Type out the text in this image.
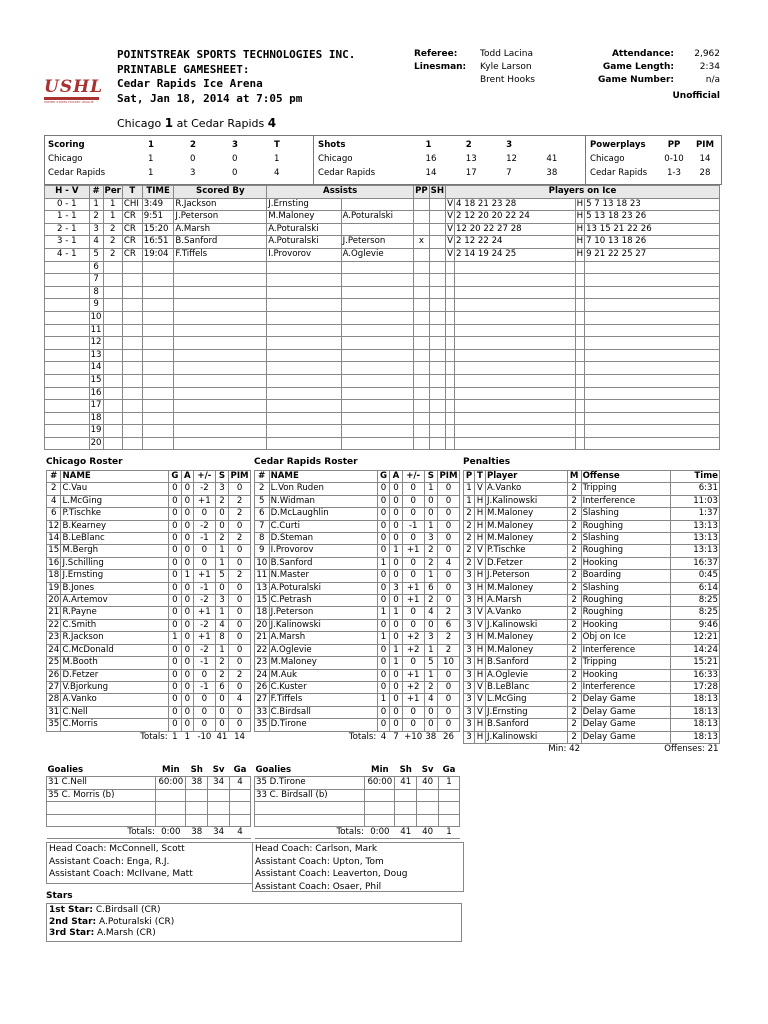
USHL
UNITED STATES HOCKEY LEAGUE
POINTSTREAK SPORTS TECHNOLOGIES INC.
PRINTABLE GAMESHEET:
Cedar Rapids Ice Arena
Sat, Jan 18, 2014 at 7:05 pm
Referee:	Todd Lacina
Linesman: Kyle Larson
Brent Hooks
Attendance: 2,962
Game Length:	2:34
Game Number:	n/a
Unofficial
Chicago 1 at Cedar Rapids 4
Scoring	1	2	3	T
Chicago	1	0	0	1
Cedar Rapids	1	3	0	4
Shots	1	2	3	
Chicago	16	13	12	41
Cedar Rapids	14	17	7	38
Powerplays	PP	PIM
Chicago	0-10	14
Cedar Rapids	1-3	28
H - V	#	Per	T	TIME	Scored By	Assists		PP	SH	Players on Ice			
0 - 1	1	1	CHI	3:49	R.Jackson	J.Ernsting				V	4 18 21 23 28	H	5 7 13 18 23
1 - 1	2	1	CR	9:51	J.Peterson	M.Maloney	A.Poturalski			V	2 12 20 20 22 24	H	5 13 18 23 26
2 - 1	3	2	CR	15:20	A.Marsh	A.Poturalski				V	12 20 22 27 28	H	13 15 21 22 26
3 - 1	4	2	CR	16:51	B.Sanford	A.Poturalski	J.Peterson	x		V	2 12 22 24	H	7 10 13 18 26
4 - 1	5	2	CR	19:04	F.Tiffels	I.Provorov	A.Oglevie			V	2 14 19 24 25	H	9 21 22 25 27
	6												
	7												
	8												
	9												
	10												
	11												
	12												
	13												
	14												
	15												
	16												
	17												
	18												
	19												
	20												
Chicago Roster
#	NAME	G	A	+/-	S	PIM
2	C.Vau	0	0	-2	3	0
4	L.McGing	0	0	+1	2	2
6	P.Tischke	0	0	0	0	2
12	B.Kearney	0	0	-2	0	0
14	B.LeBlanc	0	0	-1	2	2
15	M.Bergh	0	0	0	1	0
16	J.Schilling	0	0	0	1	0
18	J.Ernsting	0	1	+1	5	2
19	B.Jones	0	0	-1	0	0
20	A.Artemov	0	0	-2	3	0
21	R.Payne	0	0	+1	1	0
22	C.Smith	0	0	-2	4	0
23	R.Jackson	1	0	+1	8	0
24	C.McDonald	0	0	-2	1	0
25	M.Booth	0	0	-1	2	0
26	D.Fetzer	0	0	0	2	2
27	V.Bjorkung	0	0	-1	6	0
28	A.Vanko	0	0	0	0	4
31	C.Nell	0	0	0	0	0
35	C.Morris	0	0	0	0	0
Totals:		1	1	-10	41	14
Cedar Rapids Roster
#	NAME	G	A	+/-	S	PIM
2	L.Von Ruden	0	0	0	1	0
5	N.Widman	0	0	0	0	0
6	D.McLaughlin	0	0	0	0	0
7	C.Curti	0	0	-1	1	0
8	D.Steman	0	0	0	3	0
9	I.Provorov	0	1	+1	2	0
10	B.Sanford	1	0	0	2	4
11	N.Master	0	0	0	1	0
13	A.Poturalski	0	3	+1	6	0
15	C.Petrash	0	0	+1	2	0
18	J.Peterson	1	1	0	4	2
20	J.Kalinowski	0	0	0	0	6
21	A.Marsh	1	0	+2	3	2
22	A.Oglevie	0	1	+2	1	2
23	M.Maloney	0	1	0	5	10
24	M.Auk	0	0	+1	1	0
26	C.Kuster	0	0	+2	2	0
27	F.Tiffels	1	0	+1	4	0
33	C.Birdsall	0	0	0	0	0
35	D.Tirone	0	0	0	0	0
Totals:		4	7	+10	38	26
Penalties
P	T	Player	M	Offense	Time
1	V	A.Vanko	2	Tripping	6:31
1	H	J.Kalinowski	2	Interference	11:03
2	H	M.Maloney	2	Slashing	1:37
2	H	M.Maloney	2	Roughing	13:13
2	H	M.Maloney	2	Slashing	13:13
2	V	P.Tischke	2	Roughing	13:13
2	V	D.Fetzer	2	Hooking	16:37
3	H	J.Peterson	2	Boarding	0:45
3	H	M.Maloney	2	Slashing	6:14
3	H	A.Marsh	2	Roughing	8:25
3	V	A.Vanko	2	Roughing	8:25
3	V	J.Kalinowski	2	Hooking	9:46
3	H	M.Maloney	2	Obj on Ice	12:21
3	H	M.Maloney	2	Interference	14:24
3	H	B.Sanford	2	Tripping	15:21
3	H	A.Oglevie	2	Hooking	16:33
3	V	B.LeBlanc	2	Interference	17:28
3	V	L.McGing	2	Delay Game	18:13
3	V	J.Ernsting	2	Delay Game	18:13
3	H	B.Sanford	2	Delay Game	18:13
3	H	J.Kalinowski	2	Delay Game	18:13
Min: 42				Offenses: 21	
Goalies	Min	Sh	Sv	Ga
31 C.Nell	60:00	38	34	4
35 C. Morris (b)				

Totals:	0:00	38	34	4
Goalies	Min	Sh	Sv	Ga
35 D.Tirone	60:00	41	40	1
33 C. Birdsall (b)				

Totals:	0:00	41	40	1
Head Coach: McConnell, Scott
Assistant Coach: Enga, R.J.
Assistant Coach: McIlvane, Matt
Head Coach: Carlson, Mark
Assistant Coach: Upton, Tom
Assistant Coach: Leaverton, Doug
Assistant Coach: Osaer, Phil
Stars
1st Star: C.Birdsall (CR)
2nd Star: A.Poturalski (CR)
3rd Star: A.Marsh (CR)
